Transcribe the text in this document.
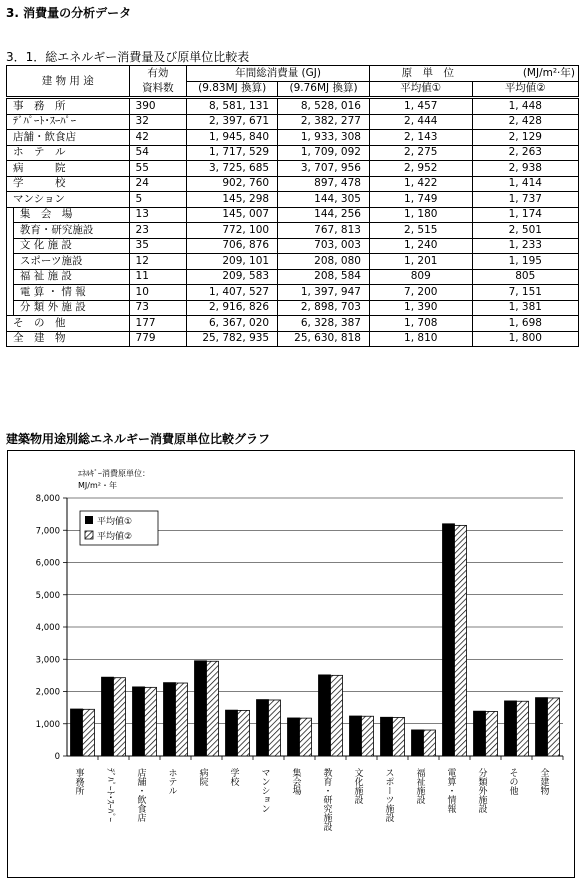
3. 消費量の分析データ
3．1．総エネルギー消費量及び原単位比較表
建 物 用 途		有効	年間総消費量 (GJ)		原　単　位	(MJ/m²·年)
		資料数	(9.83MJ 換算)	(9.76MJ 換算)	平均値①	平均値②
事　務　所		390	8, 581, 131	8, 528, 016	1, 457	1, 448
ﾃﾞﾊﾟｰﾄ･ｽｰﾊﾟｰ		32	2, 397, 671	2, 382, 277	2, 444	2, 428
店舗・飲食店		42	1, 945, 840	1, 933, 308	2, 143	2, 129
ホ　テ　ル		54	1, 717, 529	1, 709, 092	2, 275	2, 263
病　　　院		55	3, 725, 685	3, 707, 956	2, 952	2, 938
学　　　校		24	902, 760	897, 478	1, 422	1, 414
マンション		5	145, 298	144, 305	1, 749	1, 737
	集　会　場	13	145, 007	144, 256	1, 180	1, 174
	教育・研究施設	23	772, 100	767, 813	2, 515	2, 501
	文 化 施 設	35	706, 876	703, 003	1, 240	1, 233
	スポーツ施設	12	209, 101	208, 080	1, 201	1, 195
	福 祉 施 設	11	209, 583	208, 584	809	805
	電 算 ・ 情 報	10	1, 407, 527	1, 397, 947	7, 200	7, 151
	分 類 外 施 設	73	2, 916, 826	2, 898, 703	1, 390	1, 381
そ　の　他		177	6, 367, 020	6, 328, 387	1, 708	1, 698
全　建　物		779	25, 782, 935	25, 630, 818	1, 810	1, 800
建築物用途別総エネルギー消費原単位比較グラフ
ｴﾈﾙｷﾞｰ消費原単位：
MJ/m²・年
0
1,000
2,000
3,000
4,000
5,000
6,000
7,000
8,000
事務所 ﾃﾞﾊﾟｰﾄ･ｽｰﾊﾟｰ 店舗・飲食店 ホテル 病院 学校 マンション 集会場 教育・研究施設 文化施設 スポーツ施設 福祉施設 電算・情報 分類外施設 その他 全建物
平均値①
平均値②
